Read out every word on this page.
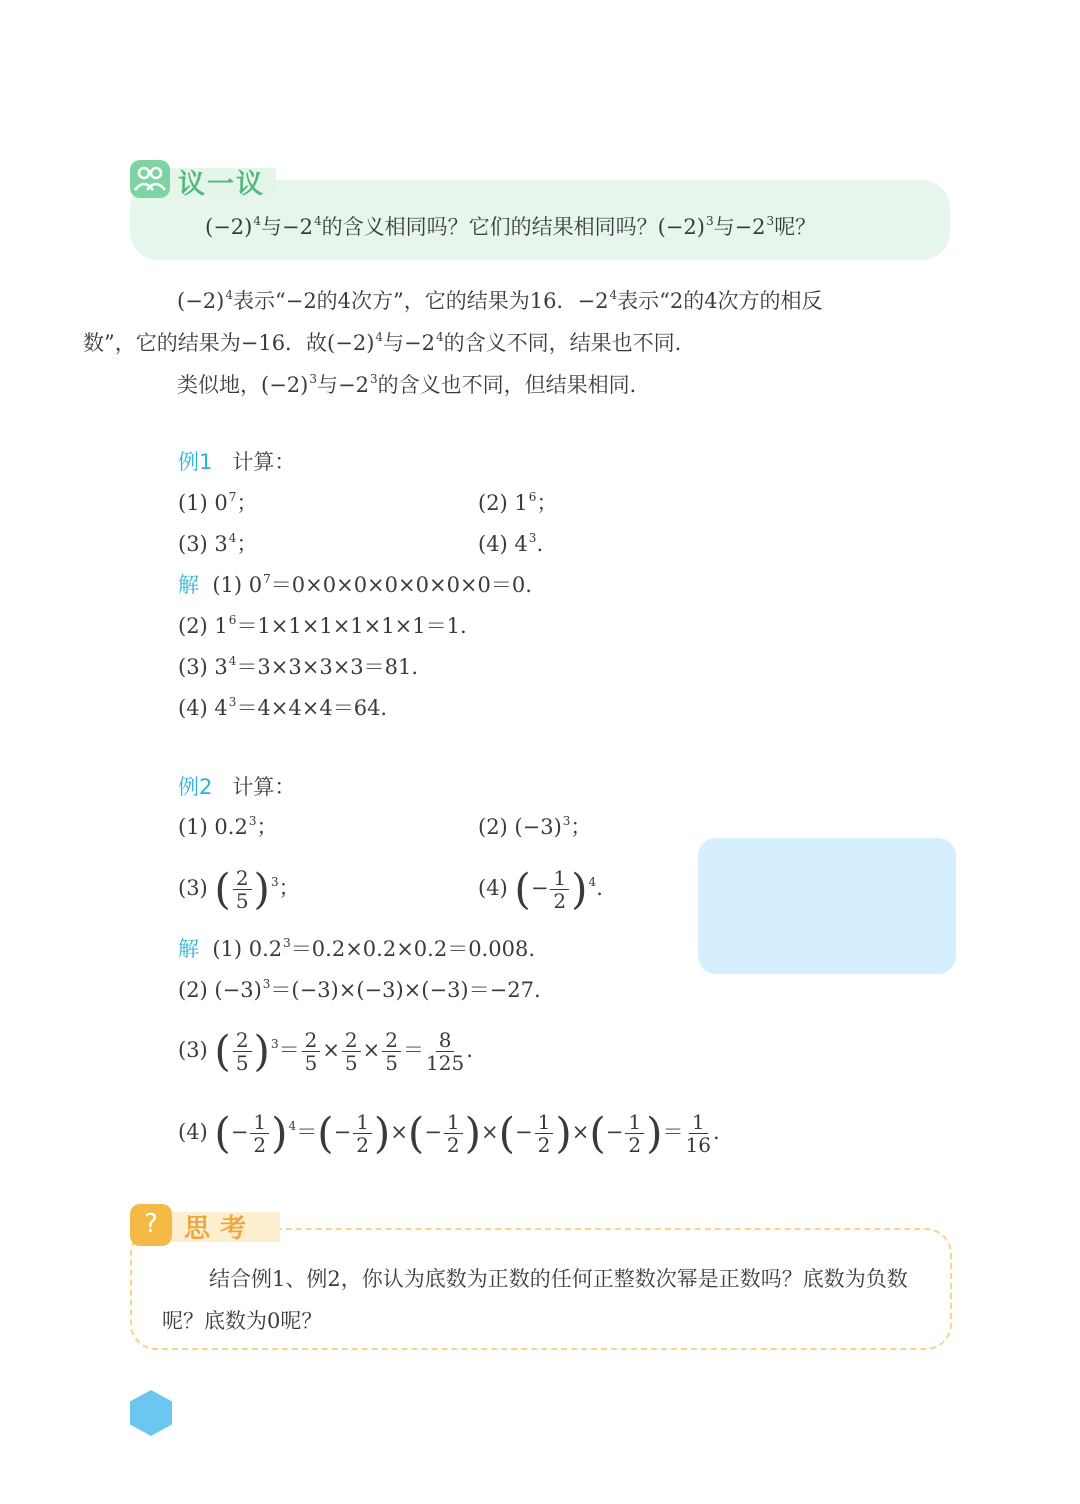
议一议
$(-2)^4$与$-2^4$的含义相同吗？它们的结果相同吗？$(-2)^3$与$-2^3$呢？
$(-2)^4$表示“−2的4次方”，它的结果为16．$-2^4$表示“2的4次方的相反
数”，它的结果为−16．故$(-2)^4$与$-2^4$的含义不同，结果也不同．
类似地，$(-2)^3$与$-2^3$的含义也不同，但结果相同．
例1 计算：
(1) $0^7$；	(2) $1^6$；
(3) $3^4$；	(4) $4^3$.
解  (1) $0^7=0\times 0\times 0\times 0\times 0\times 0\times 0=0$.
(2) $1^6=1\times 1\times 1\times 1\times 1\times 1=1$.
(3) $3^4=3\times 3\times 3\times 3=81$.
(4) $4^3=4\times 4\times 4=64$.
例2 计算：
(1) $0.2^3$；	(2) $(-3)^3$；
(3) ( $\frac{2}{5} )^3$；	(4) (− $\frac{1}{2} )^4$.
解  (1) $0.2^3=0.2\times 0.2\times 0.2=0.008$.
(2) $(-3)^3=(-3)\times(-3)\times(-3)=-27$.
(3) ( $\frac{2}{5} )^3= \frac{2}{5} \times \frac{2}{5} \times \frac{2}{5} = \frac{8}{125}$ .
(4) (− $\frac{1}{2} )^4=(- \frac{1}{2}$ )×(− $\frac{1}{2}$ )×(− $\frac{1}{2}$ )×(− $\frac{1}{2}$ )＝ $\frac{1}{16}$ .
?	思考
结合例1、例2，你认为底数为正数的任何正整数次幂是正数吗？底数为负数呢？底数为0呢？
